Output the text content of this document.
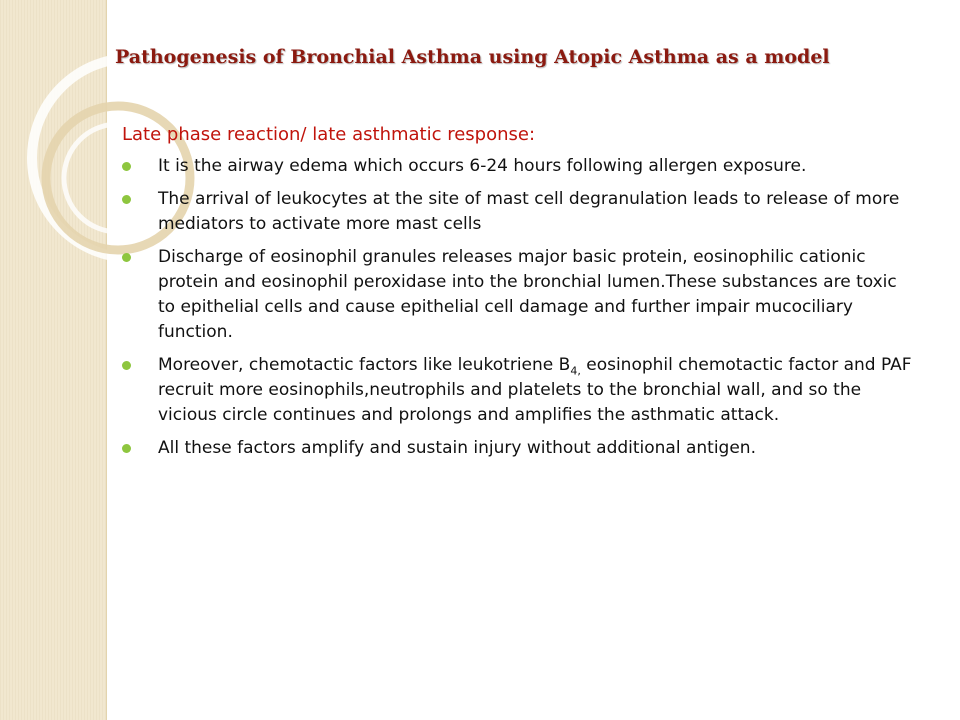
Pathogenesis of Bronchial Asthma using Atopic Asthma as a model
Late phase reaction/ late asthmatic response:
It is the airway edema which occurs 6-24 hours following allergen exposure.
The arrival of leukocytes at the site of mast cell degranulation leads to release of more mediators to activate more mast cells
Discharge of eosinophil granules releases major basic protein, eosinophilic cationic protein and eosinophil peroxidase into the bronchial lumen.These substances are toxic to epithelial cells and cause epithelial cell damage and further impair mucociliary function.
Moreover, chemotactic factors like leukotriene $B_{4,}$ eosinophil chemotactic factor and PAF recruit more eosinophils,neutrophils and platelets to the bronchial wall, and so the vicious circle continues and prolongs and amplifies the asthmatic attack.
All these factors amplify and sustain injury without additional antigen.
